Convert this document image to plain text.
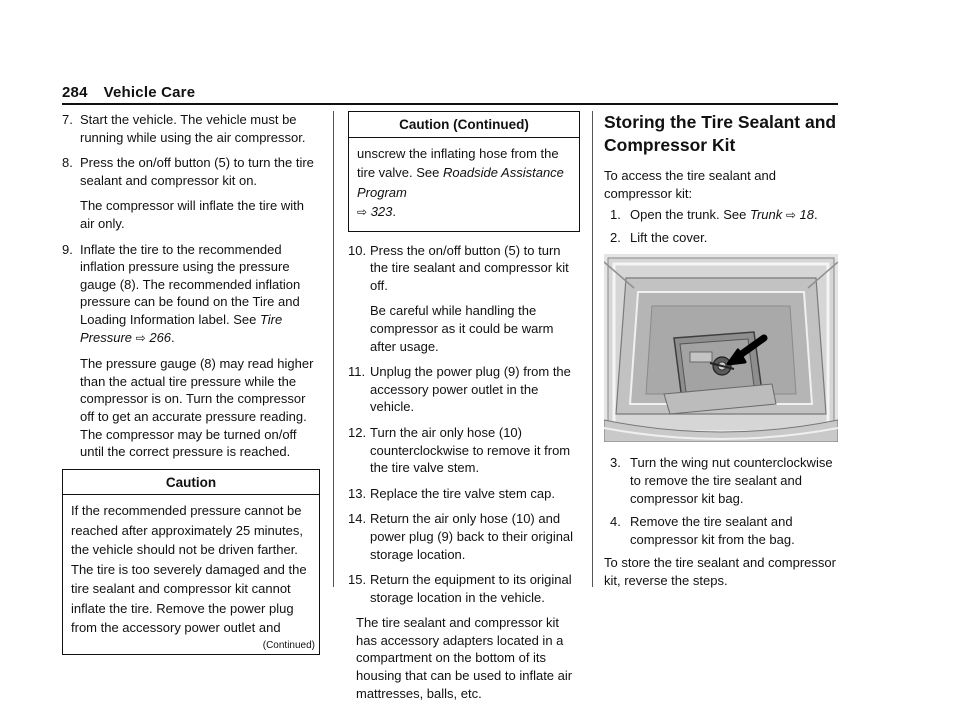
284 Vehicle Care
7. Start the vehicle. The vehicle must be running while using the air compressor.

8. Press the on/off button (5) to turn the tire sealant and compressor kit on.

The compressor will inflate the tire with air only.

9. Inflate the tire to the recommended inflation pressure using the pressure gauge (8). The recommended inflation pressure can be found on the Tire and Loading Information label. See Tire Pressure ⇨ 266.

The pressure gauge (8) may read higher than the actual tire pressure while the compressor is on. Turn the compressor off to get an accurate pressure reading. The compressor may be turned on/off until the correct pressure is reached.

Caution
If the recommended pressure cannot be reached after approximately 25 minutes, the vehicle should not be driven farther. The tire is too severely damaged and the tire sealant and compressor kit cannot inflate the tire. Remove the power plug from the accessory power outlet and
(Continued)
Caution (Continued)
unscrew the inflating hose from the tire valve. See Roadside Assistance Program
⇨ 323.
10. Press the on/off button (5) to turn the tire sealant and compressor kit off.

Be careful while handling the compressor as it could be warm after usage.

11. Unplug the power plug (9) from the accessory power outlet in the vehicle.

12. Turn the air only hose (10) counterclockwise to remove it from the tire valve stem.

13. Replace the tire valve stem cap.

14. Return the air only hose (10) and power plug (9) back to their original storage location.

15. Return the equipment to its original storage location in the vehicle.

The tire sealant and compressor kit has accessory adapters located in a compartment on the bottom of its housing that can be used to inflate air mattresses, balls, etc.

Storing the Tire Sealant and Compressor Kit

To access the tire sealant and compressor kit:

1. Open the trunk. See Trunk ⇨ 18.
2. Lift the cover.
3. Turn the wing nut counterclockwise to remove the tire sealant and compressor kit bag.
4. Remove the tire sealant and compressor kit from the bag.

To store the tire sealant and compressor kit, reverse the steps.
